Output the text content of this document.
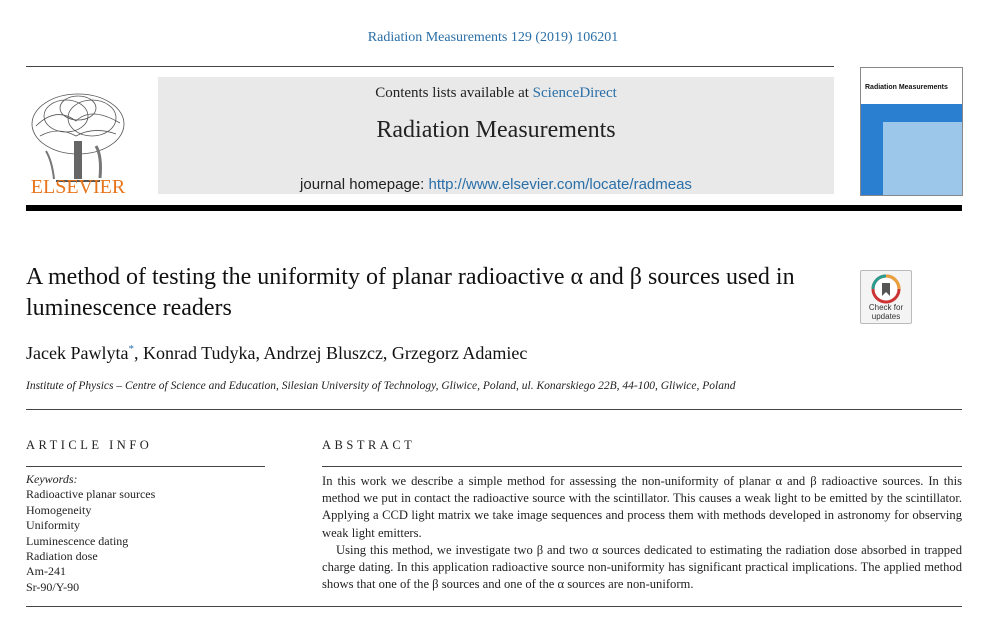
Radiation Measurements 129 (2019) 106201
ELSEVIER
Contents lists available at ScienceDirect
Radiation Measurements
journal homepage: http://www.elsevier.com/locate/radmeas
Radiation Measurements
A method of testing the uniformity of planar radioactive α and β sources used in luminescence readers	Check for updates
Jacek Pawlyta*, Konrad Tudyka, Andrzej Bluszcz, Grzegorz Adamiec
Institute of Physics – Centre of Science and Education, Silesian University of Technology, Gliwice, Poland, ul. Konarskiego 22B, 44-100, Gliwice, Poland
ARTICLE INFO	ABSTRACT
Keywords:
Radioactive planar sources
Homogeneity
Uniformity
Luminescence dating
Radiation dose
Am-241
Sr-90/Y-90

In this work we describe a simple method for assessing the non-uniformity of planar α and β radioactive sources. In this method we put in contact the radioactive source with the scintillator. This causes a weak light to be emitted by the scintillator. Applying a CCD light matrix we take image sequences and process them with methods developed in astronomy for observing weak light emitters.

Using this method, we investigate two β and two α sources dedicated to estimating the radiation dose absorbed in trapped charge dating. In this application radioactive source non-uniformity has significant practical implications. The applied method shows that one of the β sources and one of the α sources are non-uniform.
